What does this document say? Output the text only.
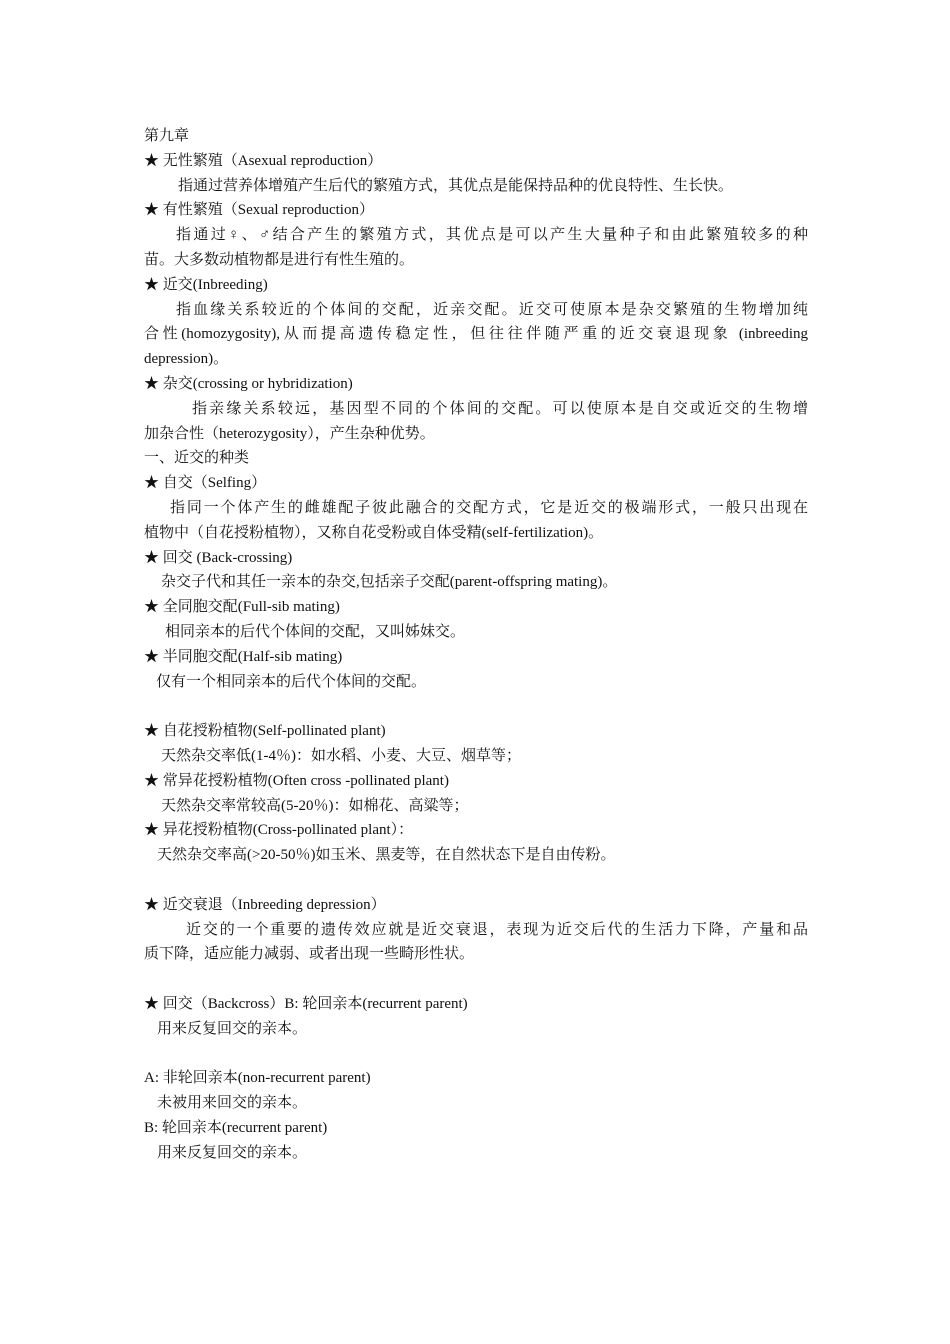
第九章
★ 无性繁殖（Asexual reproduction）
指通过营养体增殖产生后代的繁殖方式，其优点是能保持品种的优良特性、生长快。
★ 有性繁殖（Sexual reproduction）
指通过♀、♂结合产生的繁殖方式，其优点是可以产生大量种子和由此繁殖较多的种
苗。大多数动植物都是进行有性生殖的。
★ 近交(Inbreeding)
指血缘关系较近的个体间的交配，近亲交配。近交可使原本是杂交繁殖的生物增加纯
合性(homozygosity),从而提高遗传稳定性，但往往伴随严重的近交衰退现象 (inbreeding
depression)。
★ 杂交(crossing or hybridization)
指亲缘关系较远，基因型不同的个体间的交配。可以使原本是自交或近交的生物增
加杂合性（heterozygosity），产生杂种优势。
一、近交的种类
★ 自交（Selfing）
指同一个体产生的雌雄配子彼此融合的交配方式，它是近交的极端形式，一般只出现在
植物中（自花授粉植物），又称自花受粉或自体受精(self-fertilization)。
★ 回交 (Back-crossing)
杂交子代和其任一亲本的杂交,包括亲子交配(parent-offspring mating)。
★ 全同胞交配(Full-sib mating)
相同亲本的后代个体间的交配，又叫姊妹交。
★ 半同胞交配(Half-sib mating)
仅有一个相同亲本的后代个体间的交配。
★ 自花授粉植物(Self-pollinated plant)
天然杂交率低(1-4％)：如水稻、小麦、大豆、烟草等；
★ 常异花授粉植物(Often cross -pollinated plant)
天然杂交率常较高(5-20％)：如棉花、高粱等；
★ 异花授粉植物(Cross-pollinated plant）：
天然杂交率高(>20-50％)如玉米、黑麦等，在自然状态下是自由传粉。
★ 近交衰退（Inbreeding depression）
近交的一个重要的遗传效应就是近交衰退，表现为近交后代的生活力下降，产量和品
质下降，适应能力减弱、或者出现一些畸形性状。
★ 回交（Backcross）B: 轮回亲本(recurrent parent)
用来反复回交的亲本。
A: 非轮回亲本(non-recurrent parent)
未被用来回交的亲本。
B: 轮回亲本(recurrent parent)
用来反复回交的亲本。
